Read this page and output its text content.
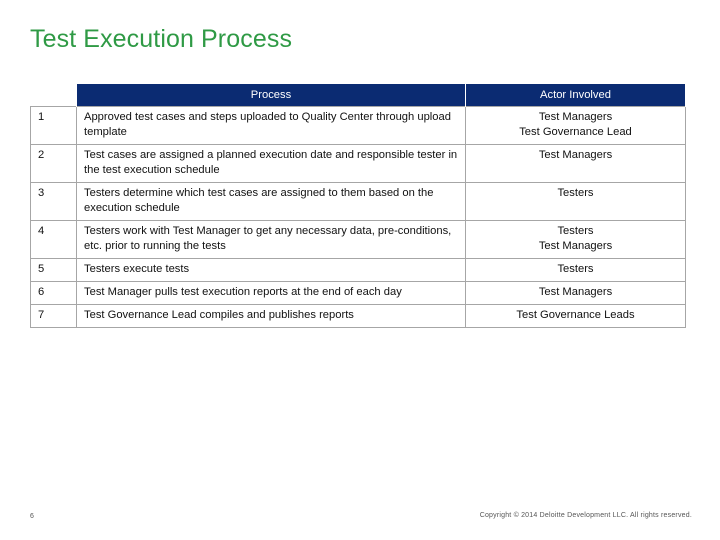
Test Execution Process
	Process	Actor Involved
1	Approved test cases and steps uploaded to Quality Center through upload template	Test Managers
Test Governance Lead

2	Test cases are assigned a planned execution date and responsible tester in the test execution schedule	Test Managers

3	Testers determine which test cases are assigned to them based on the execution schedule	Testers

4	Testers work with Test Manager to get any necessary data, pre-conditions, etc. prior to running the tests	Testers
Test Managers

5	Testers execute tests	Testers

6	Test Manager pulls test execution reports at the end of each day	Test Managers

7	Test Governance Lead compiles and publishes reports	Test Governance Leads
6	Copyright © 2014 Deloitte Development LLC. All rights reserved.
